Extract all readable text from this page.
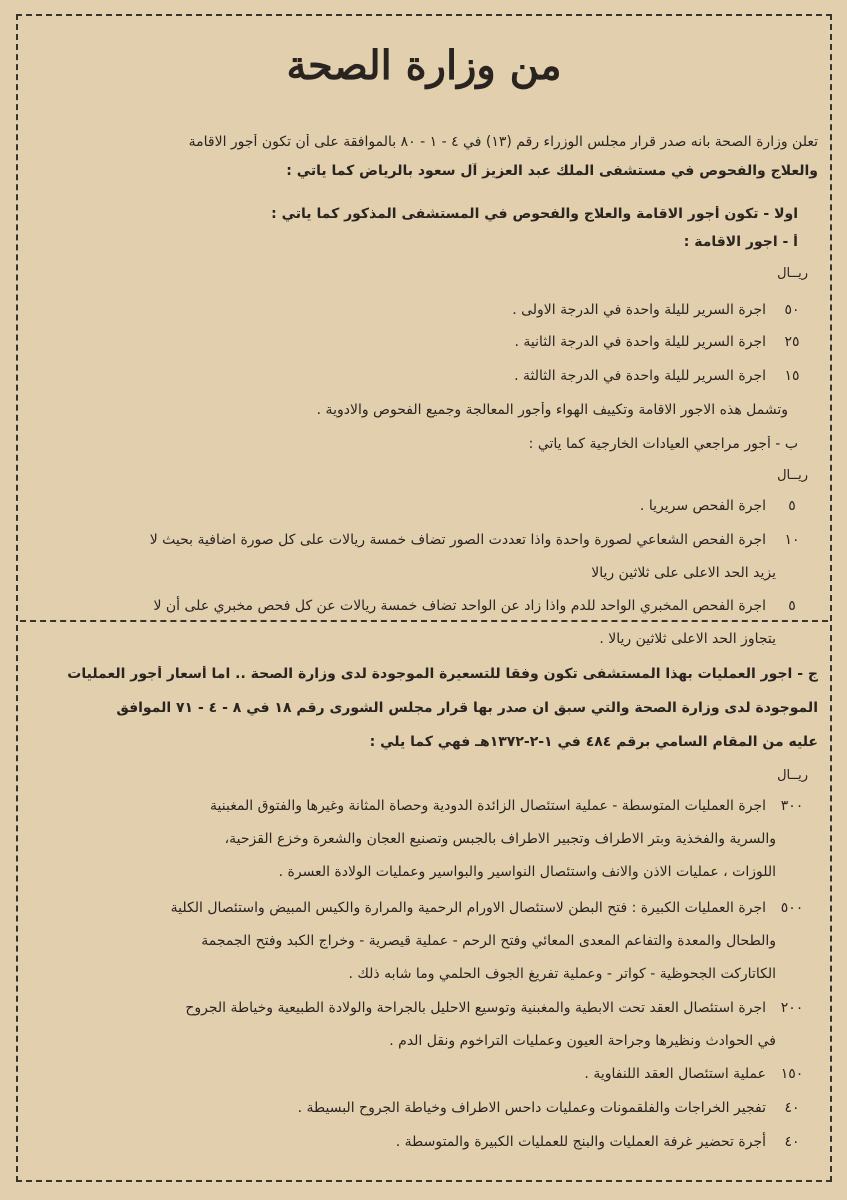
من وزارة الصحة
تعلن وزارة الصحة بانه صدر قرار مجلس الوزراء رقم (١٣) في ٤ - ١ - ٨٠ بالموافقة على أن تكون أجور الاقامة
والعلاج والفحوص في مستشفى الملك عبد العزيز آل سعود بالرياض كما ياتي :
اولا - تكون أجور الاقامة والعلاج والفحوص في المستشفى المذكور كما ياتي :
أ - اجور الاقامة :
ريــال
٥٠
اجرة السرير لليلة واحدة في الدرجة الاولى .
٢٥
اجرة السرير لليلة واحدة في الدرجة الثانية .
١٥
اجرة السرير لليلة واحدة في الدرجة الثالثة .
وتشمل هذه الاجور الاقامة وتكييف الهواء وأجور المعالجة وجميع الفحوص والادوية .
ب - أجور مراجعي العيادات الخارجية كما ياتي :
ريــال
٥
اجرة الفحص سريريا .
١٠
اجرة الفحص الشعاعي لصورة واحدة واذا تعددت الصور تضاف خمسة ريالات على كل صورة اضافية بحيث لا
يزيد الحد الاعلى على ثلاثين ريالا
٥
اجرة الفحص المخبري الواحد للدم واذا زاد عن الواحد تضاف خمسة ريالات عن كل فحص مخبري على أن لا
يتجاوز الحد الاعلى ثلاثين ريالا .
ج - اجور العمليات بهذا المستشفى تكون وفقا للتسعيرة الموجودة لدى وزارة الصحة .. اما أسعار أجور العمليات
الموجودة لدى وزارة الصحة والتي سبق ان صدر بها قرار مجلس الشورى رقم ١٨ في ٨ - ٤ - ٧١ الموافق
عليه من المقام السامي برقم ٤٨٤ في ١-٢-١٣٧٢هـ فهي كما يلي :
ريــال
٣٠٠
اجرة العمليات المتوسطة - عملية استئصال الزائدة الدودية وحصاة المثانة وغيرها والفتوق المغبنية
والسرية والفخذية وبتر الاطراف وتجبير الاطراف بالجبس وتصنيع العجان والشعرة وخزع القزحية،
اللوزات ، عمليات الاذن والانف واستئصال النواسير والبواسير وعمليات الولادة العسرة .
٥٠٠
اجرة العمليات الكبيرة : فتح البطن لاستئصال الاورام الرحمية والمرارة والكيس المبيض واستئصال الكلية
والطحال والمعدة والتفاعم المعدى المعائي وفتح الرحم - عملية قيصرية - وخراج الكبد وفتح الجمجمة
الكاتاركت الجحوظية - كواتر - وعملية تفريغ الجوف الحلمي وما شابه ذلك .
٢٠٠
اجرة استئصال العقد تحت الابطية والمغبنية وتوسيع الاحليل بالجراحة والولادة الطبيعية وخياطة الجروح
في الحوادث ونظيرها وجراحة العيون وعمليات التراخوم ونقل الدم .
١٥٠
عملية استئصال العقد اللنفاوية .
٤٠
تفجير الخراجات والفلقمونات وعمليات داحس الاطراف وخياطة الجروح البسيطة .
٤٠
أجرة تحضير غرفة العمليات والبنج للعمليات الكبيرة والمتوسطة .
